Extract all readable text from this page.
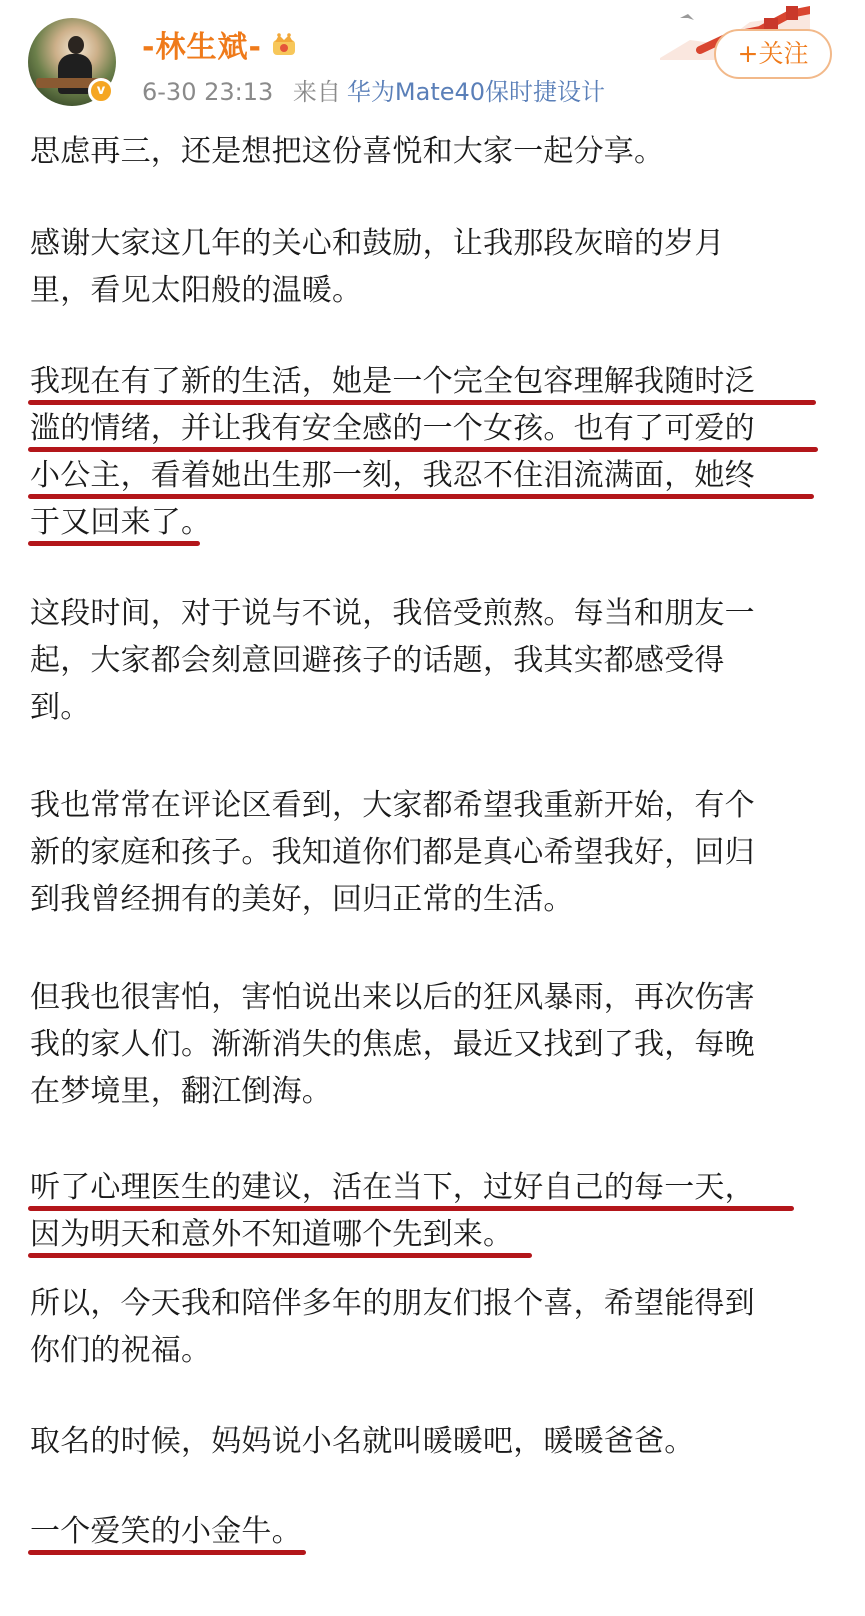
v
-林生斌-
6-30 23:13 来自 华为Mate40保时捷设计
+关注
思虑再三，还是想把这份喜悦和大家一起分享。
感谢大家这几年的关心和鼓励，让我那段灰暗的岁月
里，看见太阳般的温暖。
我现在有了新的生活，她是一个完全包容理解我随时泛
滥的情绪，并让我有安全感的一个女孩。也有了可爱的
小公主，看着她出生那一刻，我忍不住泪流满面，她终
于又回来了。
这段时间，对于说与不说，我倍受煎熬。每当和朋友一
起，大家都会刻意回避孩子的话题，我其实都感受得
到。
我也常常在评论区看到，大家都希望我重新开始，有个
新的家庭和孩子。我知道你们都是真心希望我好，回归
到我曾经拥有的美好，回归正常的生活。
但我也很害怕，害怕说出来以后的狂风暴雨，再次伤害
我的家人们。渐渐消失的焦虑，最近又找到了我，每晚
在梦境里，翻江倒海。
听了心理医生的建议，活在当下，过好自己的每一天，
因为明天和意外不知道哪个先到来。
所以，今天我和陪伴多年的朋友们报个喜，希望能得到
你们的祝福。
取名的时候，妈妈说小名就叫暖暖吧，暖暖爸爸。
一个爱笑的小金牛。
